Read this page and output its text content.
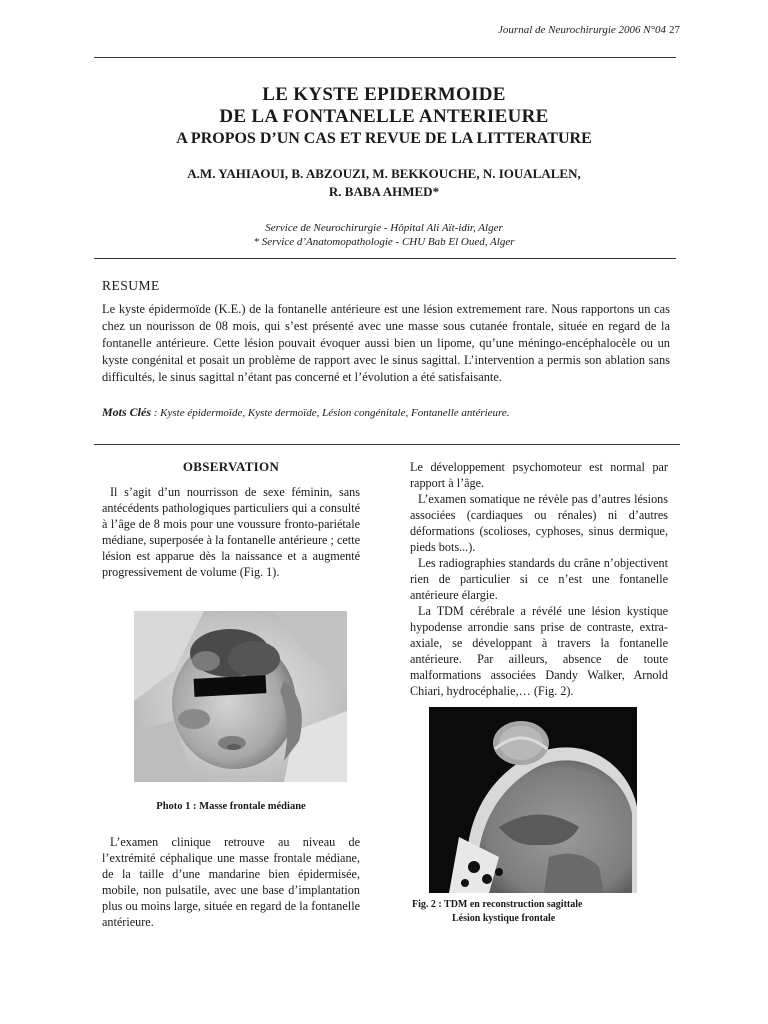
Journal de Neurochirurgie 2006 N°04 27
LE KYSTE EPIDERMOIDE
DE LA FONTANELLE ANTERIEURE
A PROPOS D’UN CAS ET REVUE DE LA LITTERATURE
A.M. YAHIAOUI, B. ABZOUZI, M. BEKKOUCHE, N. IOUALALEN,
R. BABA AHMED*
Service de Neurochirurgie - Hôpital Ali Aït-idir, Alger
* Service d’Anatomopathologie - CHU Bab El Oued, Alger
RESUME
Le kyste épidermoïde (K.E.) de la fontanelle antérieure est une lésion extremement rare. Nous rapportons un cas chez un nourisson de 08 mois, qui s’est présenté avec une masse sous cutanée frontale, située en regard de la fontanelle antérieure. Cette lésion pouvait évoquer aussi bien un lipome, qu’une méningo-encéphalocèle ou un kyste congénital et posait un problème de rapport avec le sinus sagittal. L’intervention a permis son ablation sans difficultés, le sinus sagittal n’étant pas concerné et l’évolution a été satisfaisante.
Mots Clés : Kyste épidermoïde, Kyste dermoïde, Lésion congénitale, Fontanelle antérieure.
OBSERVATION

Il s’agit d’un nourrisson de sexe féminin, sans antécédents pathologiques particuliers qui a consulté à l’âge de 8 mois pour une voussure fronto-pariétale médiane, superposée à la fontanelle antérieure ; cette lésion est apparue dès la naissance et a augmenté progressivement de volume (Fig. 1).

Photo 1 : Masse frontale médiane

L’examen clinique retrouve au niveau de l’extrémité céphalique une masse frontale médiane, de la taille d’une mandarine bien épidermisée, mobile, non pulsatile, avec une base d’implantation plus ou moins large, située en regard de la fontanelle antérieure.

Le développement psychomoteur est normal par rapport à l’âge.

L’examen somatique ne révèle pas d’autres lésions associées (cardiaques ou rénales) ni d’autres déformations (scolioses, cyphoses, sinus dermique, pieds bots...).

Les radiographies standards du crâne n’objectivent rien de particulier si ce n’est une fontanelle antérieure élargie.

La TDM cérébrale a révélé une lésion kystique hypodense arrondie sans prise de contraste, extra-axiale, se développant à travers la fontanelle antérieure. Par ailleurs, absence de toute malformations associées Dandy Walker, Arnold Chiari, hydrocéphalie,… (Fig. 2).

Fig. 2 : TDM en reconstruction sagittale
Lésion kystique frontale
